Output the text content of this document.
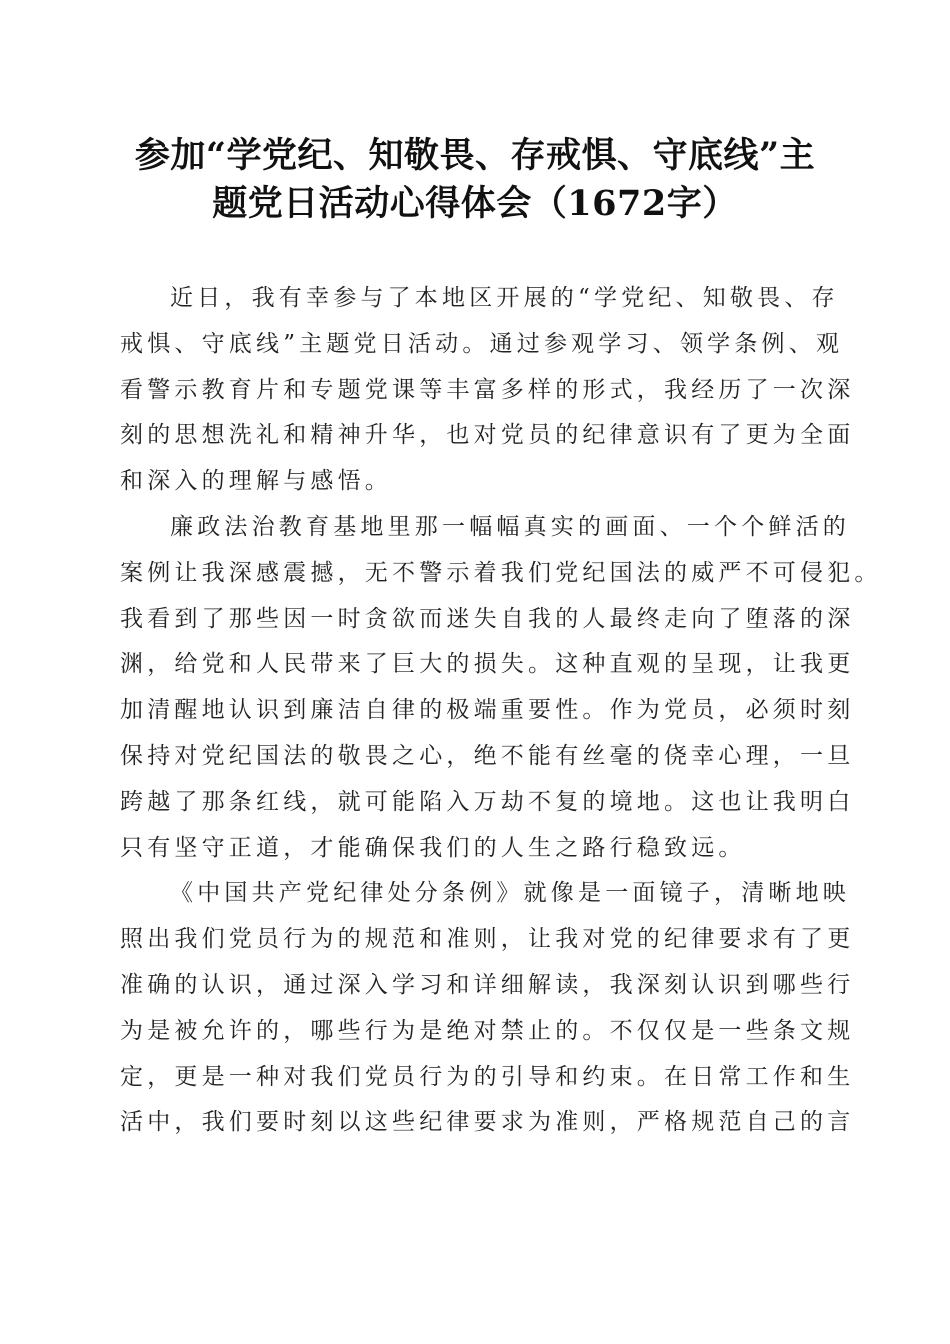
参加“学党纪、知敬畏、存戒惧、守底线”主
题党日活动心得体会（1672字）
近日，我有幸参与了本地区开展的“学党纪、知敬畏、存
戒惧、守底线”主题党日活动。通过参观学习、领学条例、观
看警示教育片和专题党课等丰富多样的形式，我经历了一次深
刻的思想洗礼和精神升华，也对党员的纪律意识有了更为全面
和深入的理解与感悟。
廉政法治教育基地里那一幅幅真实的画面、一个个鲜活的
案例让我深感震撼，无不警示着我们党纪国法的威严不可侵犯。
我看到了那些因一时贪欲而迷失自我的人最终走向了堕落的深
渊，给党和人民带来了巨大的损失。这种直观的呈现，让我更
加清醒地认识到廉洁自律的极端重要性。作为党员，必须时刻
保持对党纪国法的敬畏之心，绝不能有丝毫的侥幸心理，一旦
跨越了那条红线，就可能陷入万劫不复的境地。这也让我明白
只有坚守正道，才能确保我们的人生之路行稳致远。
《中国共产党纪律处分条例》就像是一面镜子，清晰地映
照出我们党员行为的规范和准则，让我对党的纪律要求有了更
准确的认识，通过深入学习和详细解读，我深刻认识到哪些行
为是被允许的，哪些行为是绝对禁止的。不仅仅是一些条文规
定，更是一种对我们党员行为的引导和约束。在日常工作和生
活中，我们要时刻以这些纪律要求为准则，严格规范自己的言
